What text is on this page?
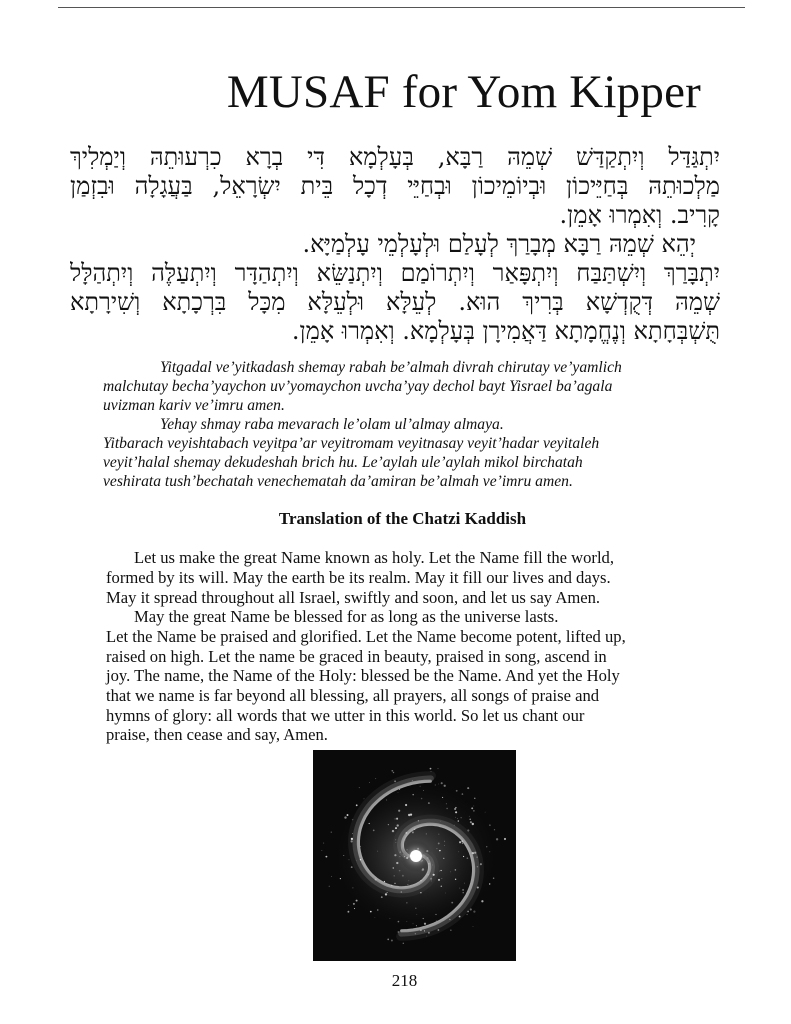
MUSAF for Yom Kipper

יִתְגַּדַּל וְיִתְקַדַּשׁ שְׁמֵהּ רַבָּא, בְּעָלְמָא דִּי בְרָא כִרְעוּתֵהּ וְיַמְלִיךְ

מַלְכוּתֵהּ בְּחַיֵּיכוֹן וּבְיוֹמֵיכוֹן וּבְחַיֵּי דְכָל בֵּית יִשְׂרָאֵל, בַּעֲגָלָה וּבִזְמַן

קָרִיב. וְאִמְרוּ אָמֵן.

יְהֵא שְׁמֵהּ רַבָּא מְבָרַךְ לְעָלַם וּלְעָלְמֵי עָלְמַיָּא.

יִתְבָּרַךְ וְיִשְׁתַּבַּח וְיִתְפָּאַר וְיִתְרוֹמַם וְיִתְנַשֵּׂא וְיִתְהַדָּר וְיִתְעַלֶּה וְיִתְהַלָּל

שְׁמֵהּ דְּקֻדְשָׁא בְּרִיךְ הוּא. לְעֵלָּא וּלְעֵלָּא מִכָּל בִּרְכָתָא וְשִׁירָתָא

תֻּשְׁבְּחָתָא וְנֶחֱמָתָא דַּאֲמִירָן בְּעָלְמָא. וְאִמְרוּ אָמֵן.

Yitgadal ve’yitkadash shemay rabah be’almah divrah chirutay ve’yamlich

malchutay becha’yaychon uv’yomaychon uvcha’yay dechol bayt Yisrael ba’agala

uvizman kariv ve’imru amen.

Yehay shmay raba mevarach le’olam ul’almay almaya.

Yitbarach veyishtabach veyitpa’ar veyitromam veyitnasay veyit’hadar veyitaleh

veyit’halal shemay dekudeshah brich hu. Le’aylah ule’aylah mikol birchatah

veshirata tush’bechatah venechematah da’amiran be’almah ve’imru amen.

Translation of the Chatzi Kaddish

Let us make the great Name known as holy. Let the Name fill the world,

formed by its will. May the earth be its realm. May it fill our lives and days.

May it spread throughout all Israel, swiftly and soon, and let us say Amen.

May the great Name be blessed for as long as the universe lasts.

Let the Name be praised and glorified. Let the Name become potent, lifted up,

raised on high. Let the name be graced in beauty, praised in song, ascend in

joy. The name, the Name of the Holy: blessed be the Name. And yet the Holy

that we name is far beyond all blessing, all prayers, all songs of praise and

hymns of glory: all words that we utter in this world. So let us chant our

praise, then cease and say, Amen.

218
